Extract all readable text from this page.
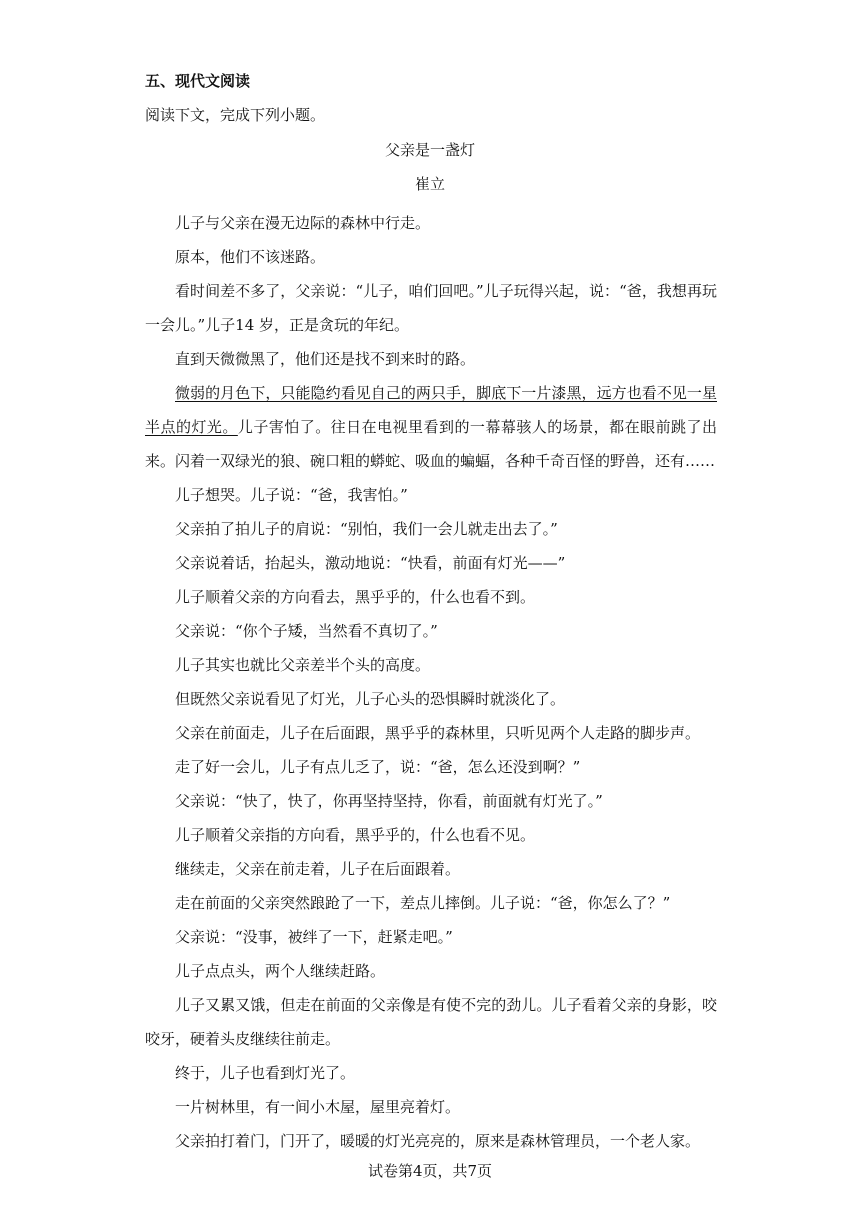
五、现代文阅读

阅读下文，完成下列小题。

父亲是一盏灯

崔立

儿子与父亲在漫无边际的森林中行走。

原本，他们不该迷路。

看时间差不多了，父亲说：“儿子，咱们回吧。”儿子玩得兴起，说：“爸，我想再玩一会儿。”儿子14 岁，正是贪玩的年纪。

直到天微微黑了，他们还是找不到来时的路。

微弱的月色下，只能隐约看见自己的两只手，脚底下一片漆黑，远方也看不见一星半点的灯光。儿子害怕了。往日在电视里看到的一幕幕骇人的场景，都在眼前跳了出来。闪着一双绿光的狼、碗口粗的蟒蛇、吸血的蝙蝠，各种千奇百怪的野兽，还有……

儿子想哭。儿子说：“爸，我害怕。”

父亲拍了拍儿子的肩说：“别怕，我们一会儿就走出去了。”

父亲说着话，抬起头，激动地说：“快看，前面有灯光——”

儿子顺着父亲的方向看去，黑乎乎的，什么也看不到。

父亲说：“你个子矮，当然看不真切了。”

儿子其实也就比父亲差半个头的高度。

但既然父亲说看见了灯光，儿子心头的恐惧瞬时就淡化了。

父亲在前面走，儿子在后面跟，黑乎乎的森林里，只听见两个人走路的脚步声。

走了好一会儿，儿子有点儿乏了，说：“爸，怎么还没到啊？”

父亲说：“快了，快了，你再坚持坚持，你看，前面就有灯光了。”

儿子顺着父亲指的方向看，黑乎乎的，什么也看不见。

继续走，父亲在前走着，儿子在后面跟着。

走在前面的父亲突然踉跄了一下，差点儿摔倒。儿子说：“爸，你怎么了？”

父亲说：“没事，被绊了一下，赶紧走吧。”

儿子点点头，两个人继续赶路。

儿子又累又饿，但走在前面的父亲像是有使不完的劲儿。儿子看着父亲的身影，咬咬牙，硬着头皮继续往前走。

终于，儿子也看到灯光了。

一片树林里，有一间小木屋，屋里亮着灯。

父亲拍打着门，门开了，暖暖的灯光亮亮的，原来是森林管理员，一个老人家。

试卷第4页，共7页
